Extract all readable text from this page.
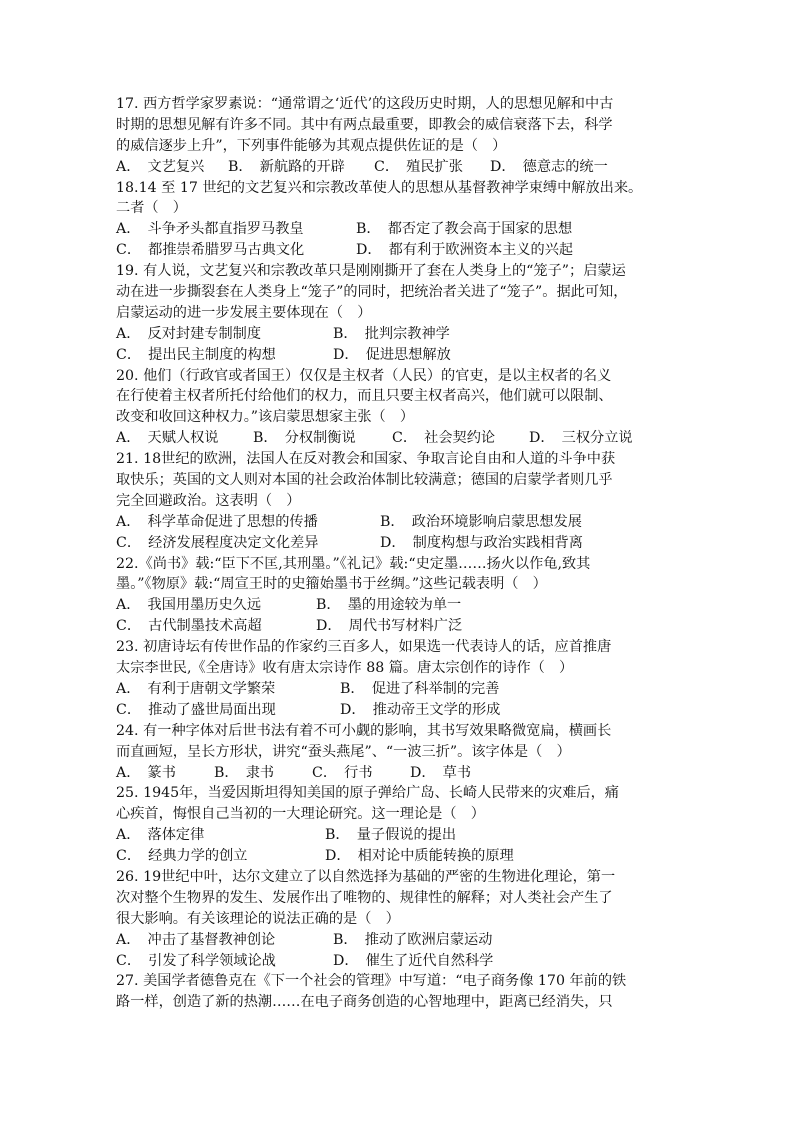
17. 西方哲学家罗素说：“通常谓之‘近代’的这段历史时期，人的思想见解和中古
时期的思想见解有许多不同。其中有两点最重要，即教会的威信衰落下去，科学
的威信逐步上升”，下列事件能够为其观点提供佐证的是（　）
A．　文艺复兴 B．　新航路的开辟 C．　殖民扩张 D．　德意志的统一
18.14 至 17 世纪的文艺复兴和宗教改革使人的思想从基督教神学束缚中解放出来。
二者（　）
A．　斗争矛头都直指罗马教皇	B．　都否定了教会高于国家的思想
C．　都推崇希腊罗马古典文化	D．　都有利于欧洲资本主义的兴起
19. 有人说，文艺复兴和宗教改革只是刚刚撕开了套在人类身上的“笼子”；启蒙运
动在进一步撕裂套在人类身上“笼子”的同时，把统治者关进了“笼子”。据此可知，
启蒙运动的进一步发展主要体现在（　）
A．　反对封建专制制度	B．　批判宗教神学
C．　提出民主制度的构想	D．　促进思想解放
20. 他们（行政官或者国王）仅仅是主权者（人民）的官吏，是以主权者的名义
在行使着主权者所托付给他们的权力，而且只要主权者高兴，他们就可以限制、
改变和收回这种权力。”该启蒙思想家主张（　）
A．　天赋人权说 B．　分权制衡说	C．　社会契约论 D．　三权分立说
21. 18世纪的欧洲，法国人在反对教会和国家、争取言论自由和人道的斗争中获
取快乐；英国的文人则对本国的社会政治体制比较满意；德国的启蒙学者则几乎
完全回避政治。这表明（　）
A．　科学革命促进了思想的传播	B．　政治环境影响启蒙思想发展
C．　经济发展程度决定文化差异	D．　制度构想与政治实践相背离
22.《尚书》载:“臣下不匡,其刑墨。”《礼记》载:“史定墨……扬火以作龟,致其
墨。”《物原》载:“周宣王时的史籀始墨书于丝绸。”这些记载表明（　）
A．　我国用墨历史久远	B．　墨的用途较为单一
C．　古代制墨技术高超	D．　周代书写材料广泛
23. 初唐诗坛有传世作品的作家约三百多人，如果选一代表诗人的话，应首推唐
太宗李世民,《全唐诗》收有唐太宗诗作 88 篇。唐太宗创作的诗作（　）
A．　有利于唐朝文学繁荣	B．　促进了科举制的完善
C．　推动了盛世局面出现	D．　推动帝王文学的形成
24. 有一种字体对后世书法有着不可小觑的影响，其书写效果略微宽扁，横画长
而直画短，呈长方形状，讲究“蚕头燕尾”、“一波三折”。该字体是（　）
A．　篆书	B．　隶书	C．　行书	D．　草书
25. 1945年，当爱因斯坦得知美国的原子弹给广岛、长崎人民带来的灾难后，痛
心疾首，悔恨自己当初的一大理论研究。这一理论是（　）
A．　落体定律	B．　量子假说的提出
C．　经典力学的创立	D．　相对论中质能转换的原理
26. 19世纪中叶，达尔文建立了以自然选择为基础的严密的生物进化理论，第一
次对整个生物界的发生、发展作出了唯物的、规律性的解释；对人类社会产生了
很大影响。有关该理论的说法正确的是（　）
A．　冲击了基督教神创论	B．　推动了欧洲启蒙运动
C．　引发了科学领域论战	D．　催生了近代自然科学
27. 美国学者德鲁克在《下一个社会的管理》中写道：“电子商务像 170 年前的铁
路一样，创造了新的热潮……在电子商务创造的心智地理中，距离已经消失，只
